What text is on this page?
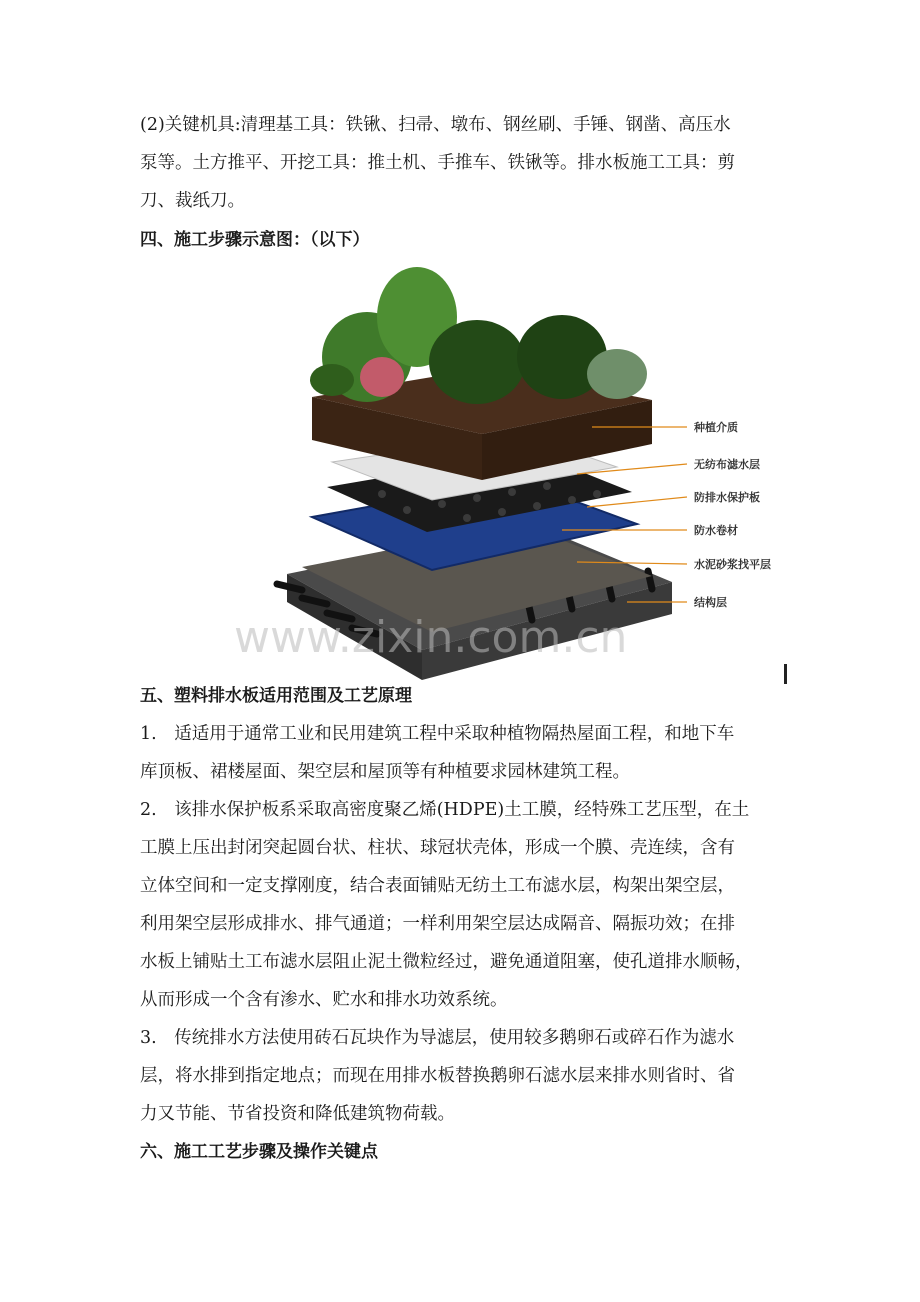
(2)关键机具:清理基工具：铁锹、扫帚、墩布、钢丝刷、手锤、钢凿、高压水
泵等。土方推平、开挖工具：推土机、手推车、铁锹等。排水板施工工具：剪
刀、裁纸刀。
四、施工步骤示意图：（以下）
种植介质
无纺布滤水层
防排水保护板
防水卷材
水泥砂浆找平层
结构层
www.zixin.com.cn
五、塑料排水板适用范围及工艺原理
1.　适适用于通常工业和民用建筑工程中采取种植物隔热屋面工程，和地下车
库顶板、裙楼屋面、架空层和屋顶等有种植要求园林建筑工程。
2.　该排水保护板系采取高密度聚乙烯(HDPE)土工膜，经特殊工艺压型，在土
工膜上压出封闭突起圆台状、柱状、球冠状壳体，形成一个膜、壳连续，含有
立体空间和一定支撑刚度，结合表面铺贴无纺土工布滤水层，构架出架空层，
利用架空层形成排水、排气通道；一样利用架空层达成隔音、隔振功效；在排
水板上铺贴土工布滤水层阻止泥土微粒经过，避免通道阻塞，使孔道排水顺畅，
从而形成一个含有渗水、贮水和排水功效系统。
3.　传统排水方法使用砖石瓦块作为导滤层，使用较多鹅卵石或碎石作为滤水
层，将水排到指定地点；而现在用排水板替换鹅卵石滤水层来排水则省时、省
力又节能、节省投资和降低建筑物荷载。
六、施工工艺步骤及操作关键点
